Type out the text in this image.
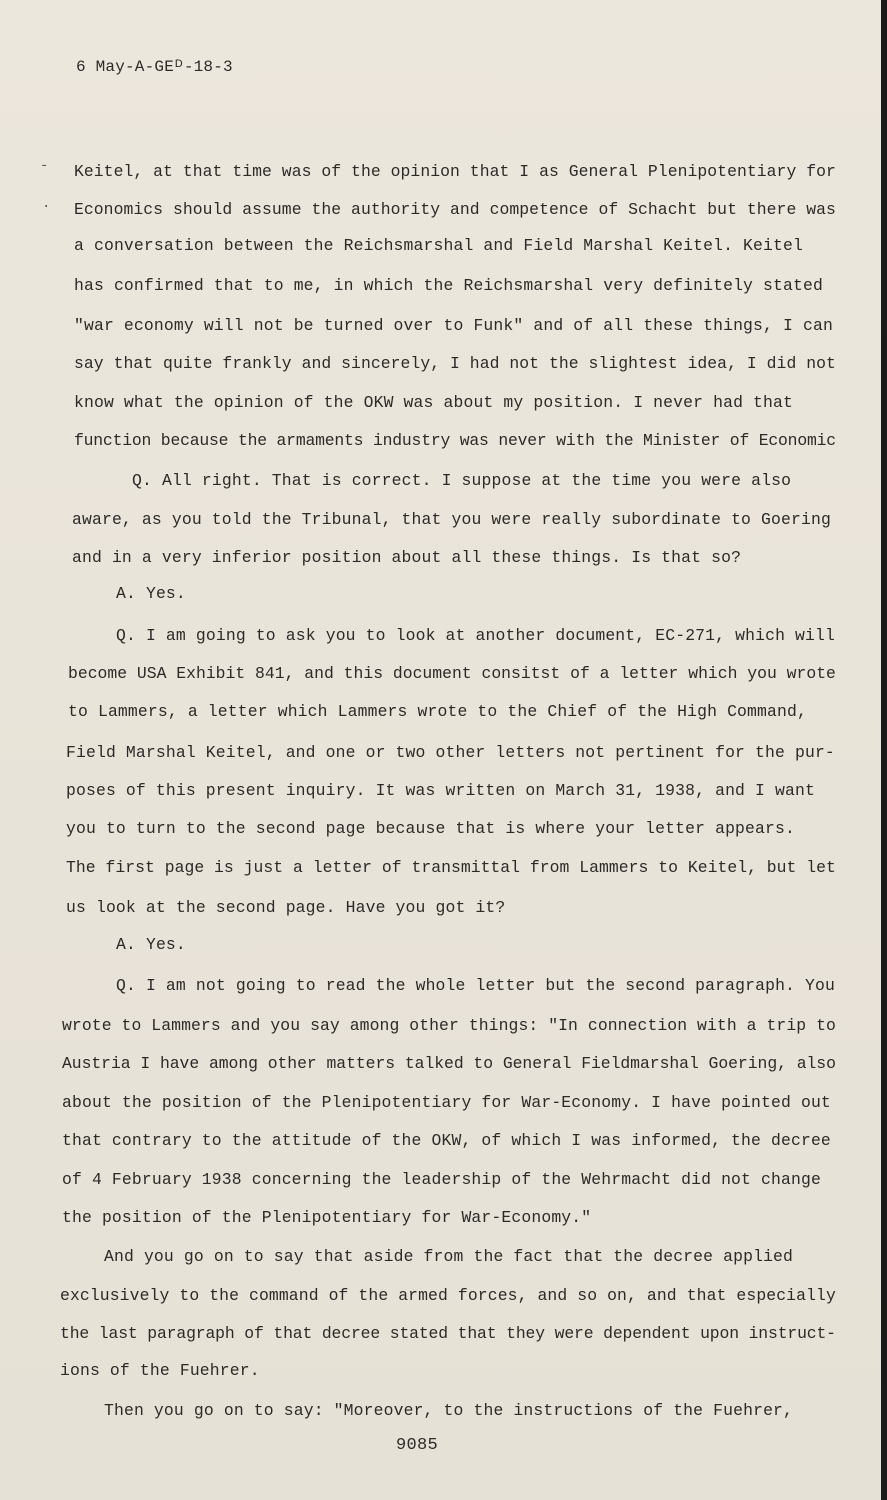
6 May-A-GEᴰ-18-3
-
.
Keitel, at that time was of the opinion that I as General Plenipotentiary for
Economics should assume the authority and competence of Schacht but there was
a conversation between the Reichsmarshal and Field Marshal Keitel. Keitel
has confirmed that to me, in which the Reichsmarshal very definitely stated
"war economy will not be turned over to Funk" and of all these things, I can
say that quite frankly and sincerely, I had not the slightest idea, I did not
know what the opinion of the OKW was about my position. I never had that
function because the armaments industry was never with the Minister of Economic
Q. All right. That is correct. I suppose at the time you were also
aware, as you told the Tribunal, that you were really subordinate to Goering
and in a very inferior position about all these things. Is that so?
A. Yes.
Q. I am going to ask you to look at another document, EC-271, which will
become USA Exhibit 841, and this document consitst of a letter which you wrote
to Lammers, a letter which Lammers wrote to the Chief of the High Command,
Field Marshal Keitel, and one or two other letters not pertinent for the pur-
poses of this present inquiry. It was written on March 31, 1938, and I want
you to turn to the second page because that is where your letter appears.
The first page is just a letter of transmittal from Lammers to Keitel, but let
us look at the second page. Have you got it?
A. Yes.
Q. I am not going to read the whole letter but the second paragraph. You
wrote to Lammers and you say among other things: "In connection with a trip to
Austria I have among other matters talked to General Fieldmarshal Goering, also
about the position of the Plenipotentiary for War-Economy. I have pointed out
that contrary to the attitude of the OKW, of which I was informed, the decree
of 4 February 1938 concerning the leadership of the Wehrmacht did not change
the position of the Plenipotentiary for War-Economy."
And you go on to say that aside from the fact that the decree applied
exclusively to the command of the armed forces, and so on, and that especially
the last paragraph of that decree stated that they were dependent upon instruct-
ions of the Fuehrer.
Then you go on to say: "Moreover, to the instructions of the Fuehrer,
9085
